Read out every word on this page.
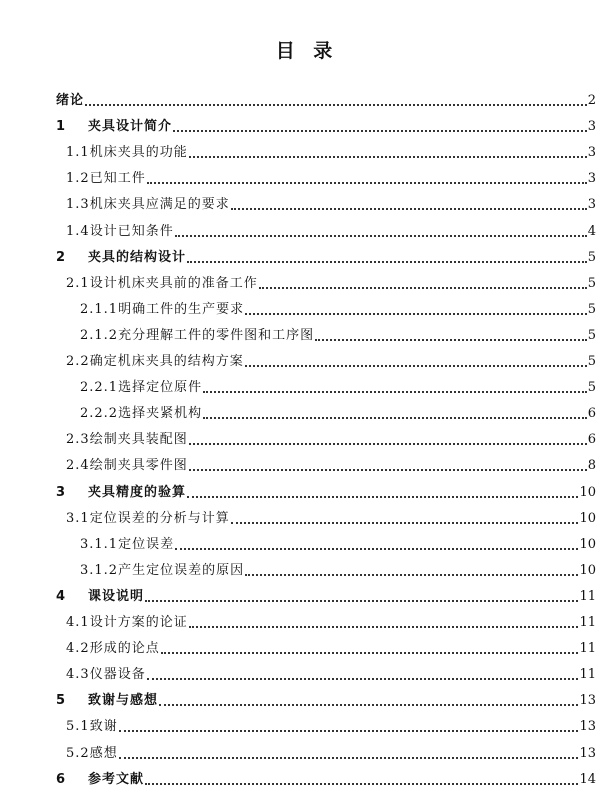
目 录
绪论	2
1　 夹具设计简介	3
1.1 机床夹具的功能	3
1.2 已知工件	3
1.3 机床夹具应满足的要求	3
1.4 设计已知条件	4
2　 夹具的结构设计	5
2.1 设计机床夹具前的准备工作	5
2.1.1 明确工件的生产要求	5
2.1.2 充分理解工件的零件图和工序图	5
2.2 确定机床夹具的结构方案	5
2.2.1 选择定位原件	5
2.2.2 选择夹紧机构	6
2.3 绘制夹具装配图	6
2.4 绘制夹具零件图	8
3　 夹具精度的验算	10
3.1 定位误差的分析与计算	10
3.1.1 定位误差	10
3.1.2 产生定位误差的原因	10
4　 课设说明	11
4.1 设计方案的论证	11
4.2 形成的论点	11
4.3 仪器设备	11
5　 致谢与感想	13
5.1 致谢	13
5.2 感想	13
6　 参考文献	14
